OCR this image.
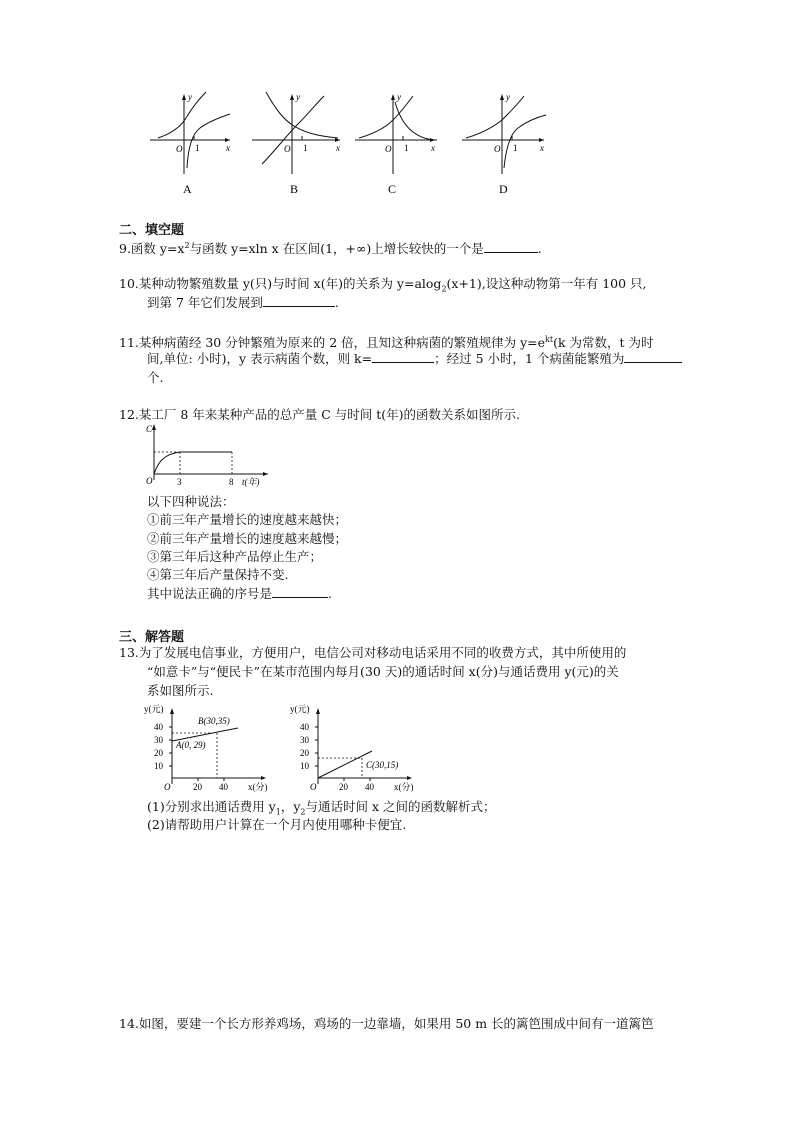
y
x
O 1
A
y
x
O 1
B
y
x
O 1
C
y
x
O 1
D
二、填空题
9.函数 $y=x^2$与函数 y=xln x 在区间(1，+∞)上增长较快的一个是	.
10.某种动物繁殖数量 y(只)与时间 x(年)的关系为 y=alog$_2$(x+1),设这种动物第一年有 100 只,
到第 7 年它们发展到	.
11.某种病菌经 30 分钟繁殖为原来的 2 倍，且知这种病菌的繁殖规律为 $y=e^{kt}(k$ 为常数，t 为时
间,单位: 小时)，y 表示病菌个数，则 k=	；经过 5 小时，1 个病菌能繁殖为
个.
12.某工厂 8 年来某种产品的总产量 C 与时间 t(年)的函数关系如图所示.
C
O	3	8 t(年)
以下四种说法：
①前三年产量增长的速度越来越快；
②前三年产量增长的速度越来越慢；
③第三年后这种产品停止生产；
④第三年后产量保持不变.
其中说法正确的序号是	.
三、解答题
13.为了发展电信事业，方便用户，电信公司对移动电话采用不同的收费方式，其中所使用的
“如意卡”与“便民卡”在某市范围内每月(30 天)的通话时间 x(分)与通话费用 y(元)的关
系如图所示.
y(元)
10
20
30
40
O	20 40 x(分)
B(30,35)
A(0, 29)
y(元)
10
20
30
40
O	20 40 x(分)
C(30,15)
(1)分别求出通话费用 $y_1$，$y_2$与通话时间 x 之间的函数解析式；
(2)请帮助用户计算在一个月内使用哪种卡便宜.
14.如图，要建一个长方形养鸡场，鸡场的一边靠墙，如果用 50 m 长的篱笆围成中间有一道篱笆
